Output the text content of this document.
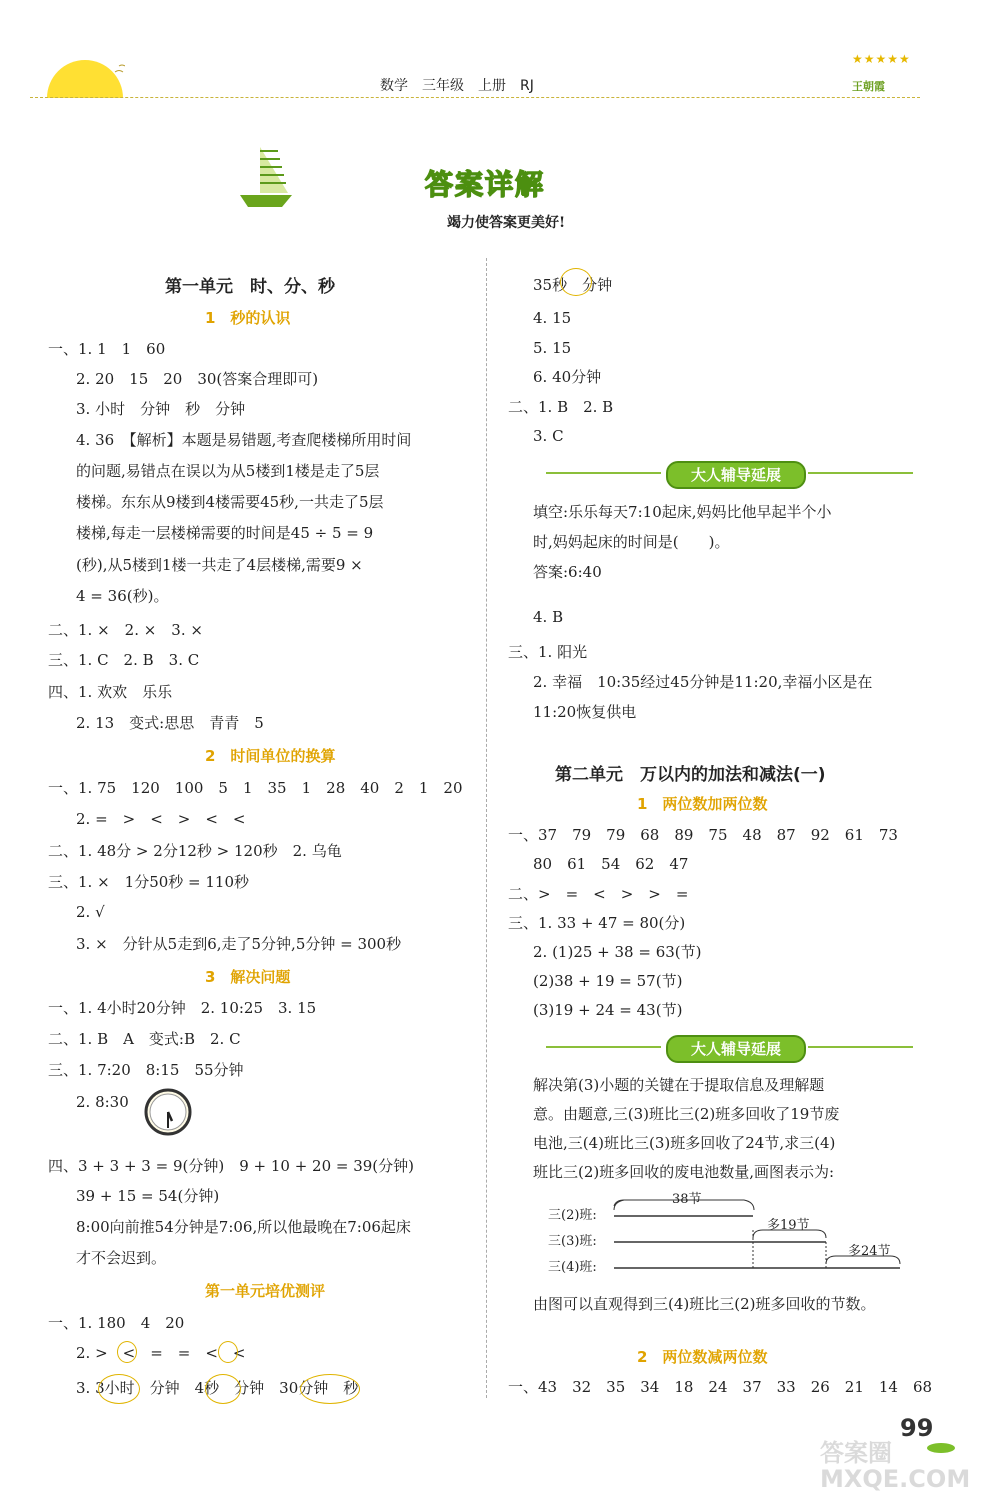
数学　三年级　上册　RJ
★★★★★
王朝霞
答案详解
竭力使答案更美好!
第一单元　时、分、秒
1　秒的认识
一、1. 1　1　60
2. 20　15　20　30(答案合理即可)
3. 小时　分钟　秒　分钟
4. 36　【解析】本题是易错题,考查爬楼梯所用时间
的问题,易错点在误以为从5楼到1楼是走了5层
楼梯。东东从9楼到4楼需要45秒,一共走了5层
楼梯,每走一层楼梯需要的时间是45 ÷ 5 = 9
(秒),从5楼到1楼一共走了4层楼梯,需要9 ×
4 = 36(秒)。
二、1. ×　2. ×　3. ×
三、1. C　2. B　3. C
四、1. 欢欢　乐乐
2. 13　变式:思思　青青　5
2　时间单位的换算
一、1. 75　120　100　5　1　35　1　28　40　2　1　20
2. =　>　<　>　<　<
二、1. 48分 > 2分12秒 > 120秒　2. 乌龟
三、1. ×　1分50秒 = 110秒
2. √
3. ×　分针从5走到6,走了5分钟,5分钟 = 300秒
3　解决问题
一、1. 4小时20分钟　2. 10:25　3. 15
二、1. B　A　变式:B　2. C
三、1. 7:20　8:15　55分钟
2. 8:30
四、3 + 3 + 3 = 9(分钟)　9 + 10 + 20 = 39(分钟)
39 + 15 = 54(分钟)
8:00向前推54分钟是7:06,所以他最晚在7:06起床
才不会迟到。
第一单元培优测评
一、1. 180　4　20
2. >　<　=　=　<　<
3. 3小时　分钟　4秒　分钟　30分钟　秒
35秒　分钟
4. 15
5. 15
6. 40分钟
二、1. B　2. B
3. C
大人辅导延展
填空:乐乐每天7:10起床,妈妈比他早起半个小
时,妈妈起床的时间是(　　)。
答案:6:40
4. B
三、1. 阳光
2. 幸福　10:35经过45分钟是11:20,幸福小区是在
11:20恢复供电
第二单元　万以内的加法和减法(一)
1　两位数加两位数
一、37　79　79　68　89　75　48　87　92　61　73
80　61　54　62　47
二、>　=　<　>　>　=
三、1. 33 + 47 = 80(分)
2. (1)25 + 38 = 63(节)
(2)38 + 19 = 57(节)
(3)19 + 24 = 43(节)
大人辅导延展
解决第(3)小题的关键在于提取信息及理解题
意。由题意,三(3)班比三(2)班多回收了19节废
电池,三(4)班比三(3)班多回收了24节,求三(4)
班比三(2)班多回收的废电池数量,画图表示为:
由图可以直观得到三(4)班比三(2)班多回收的节数。
2　两位数减两位数
一、43　32　35　34　18　24　37　33　26　21　14　68
38节
多19节
多24节
三(2)班:
三(3)班:
三(4)班:
99
答案圈 MXQE.COM
